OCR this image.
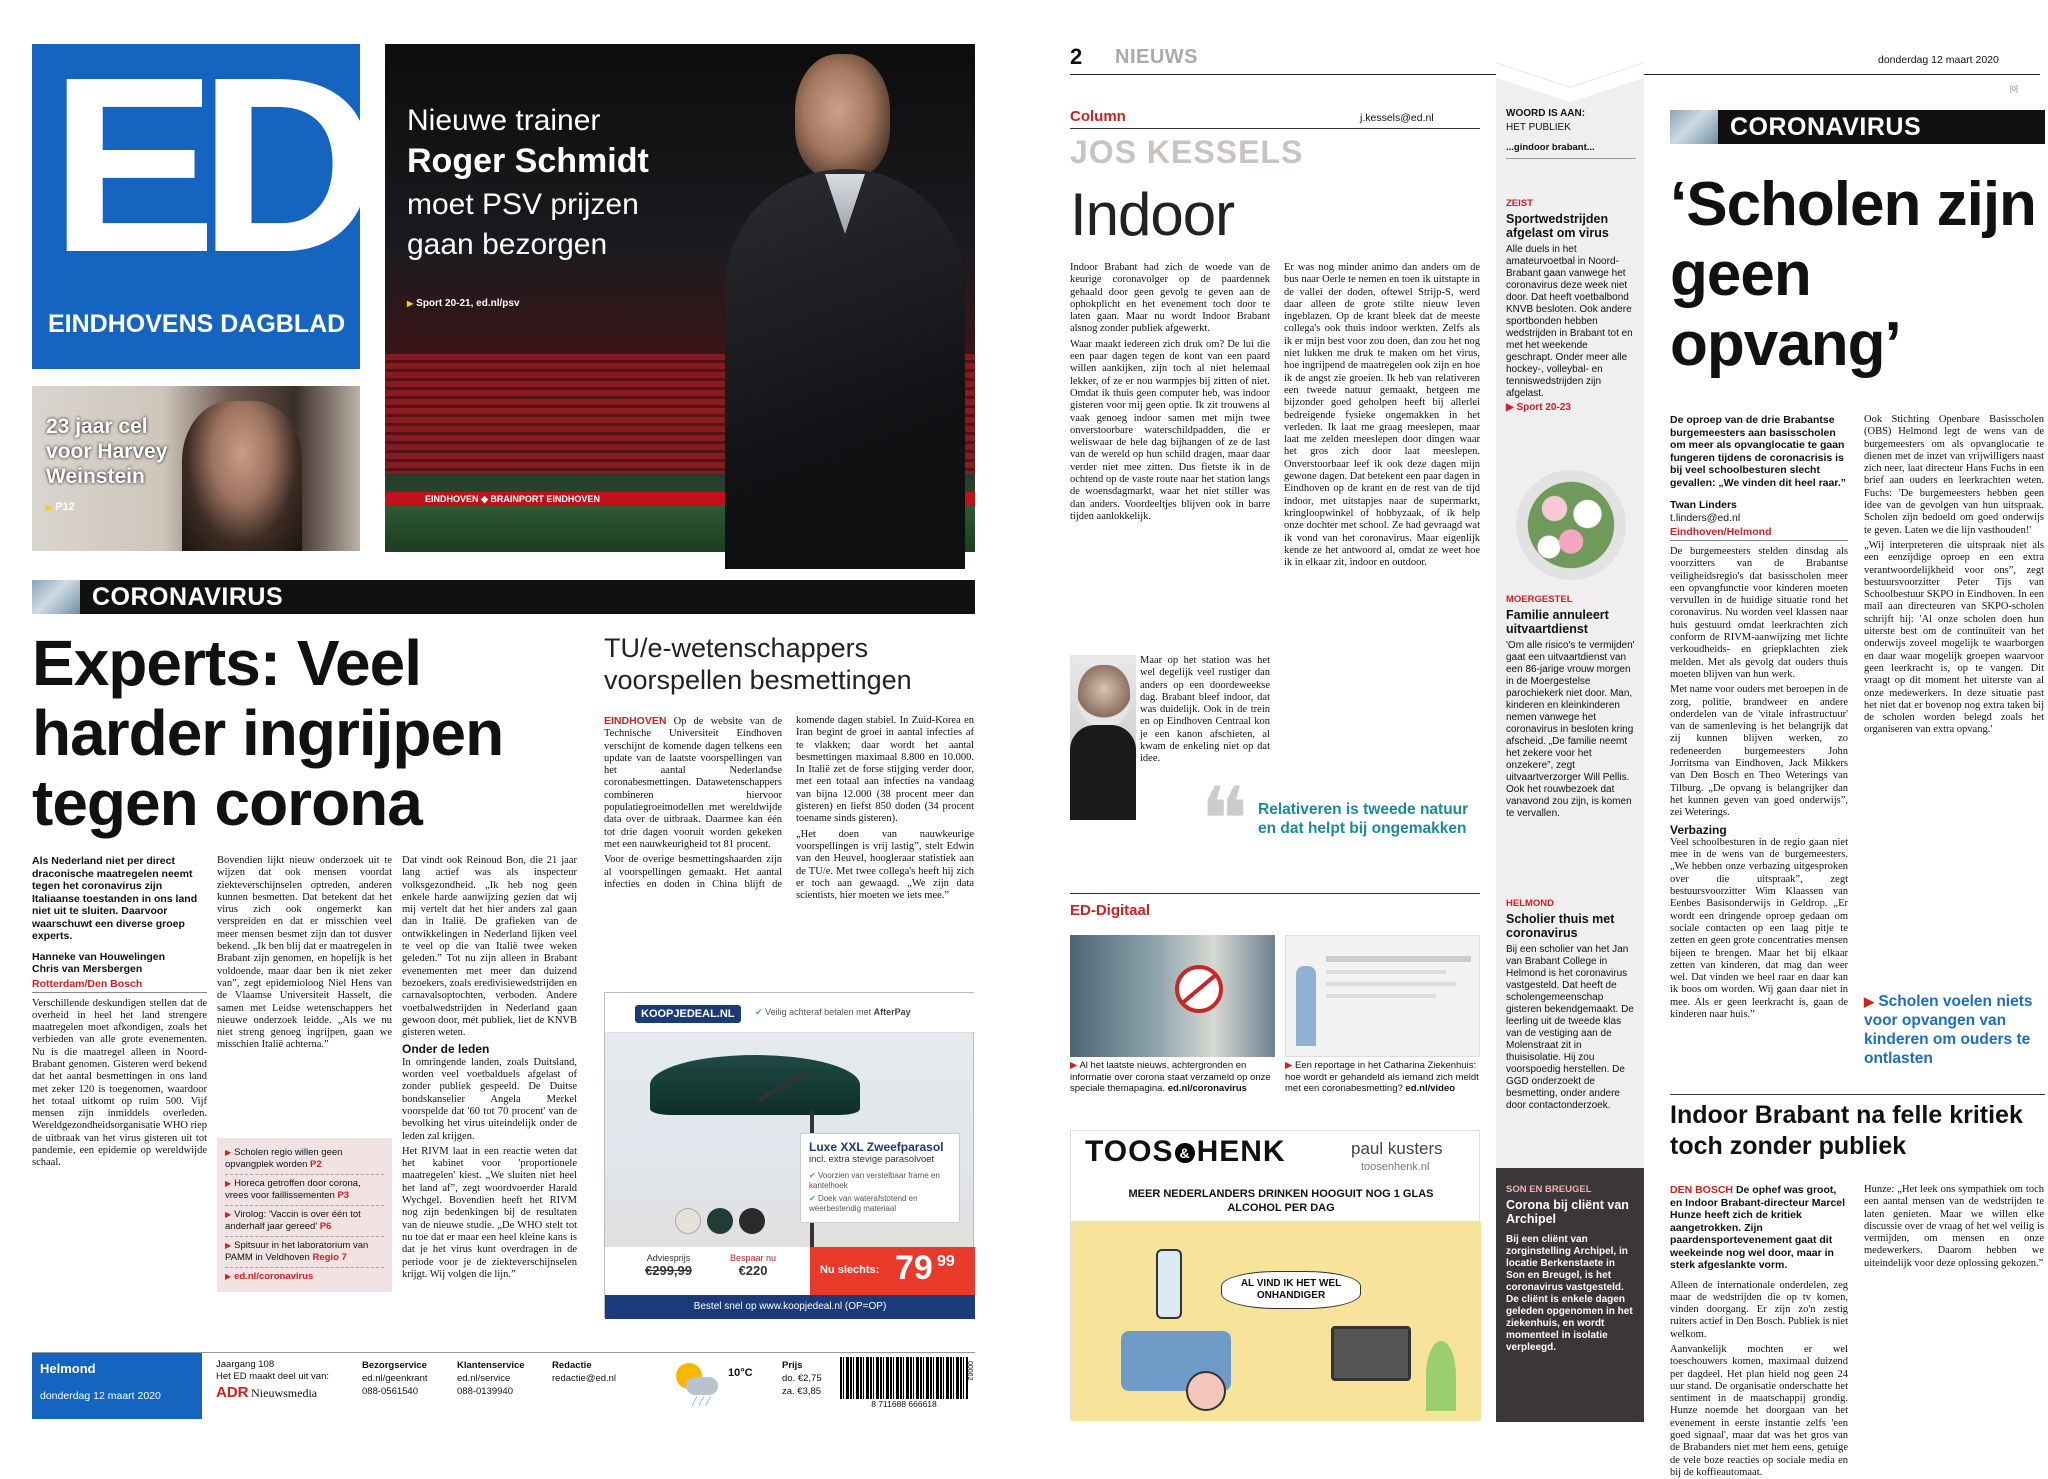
ED
EINDHOVENS DAGBLAD
23 jaar cel voor Harvey Weinstein
▶ P12
EINDHOVEN ◆ BRAINPORT EINDHOVEN
Nieuwe trainer
Roger Schmidt
moet PSV prijzen
gaan bezorgen
▶ Sport 20-21, ed.nl/psv
CORONAVIRUS
Experts: Veel harder ingrijpen tegen corona
Als Nederland niet per direct draconische maatregelen neemt tegen het coronavirus zijn Italiaanse toestanden in ons land niet uit te sluiten. Daarvoor waarschuwt een diverse groep experts.
Hanneke van Houwelingen
Chris van Mersbergen
Rotterdam/Den Bosch
Verschillende deskundigen stellen dat de overheid in heel het land strengere maatregelen moet afkondigen, zoals het verbieden van alle grote evenementen. Nu is die maatregel alleen in Noord-Brabant genomen. Gisteren werd bekend dat het aantal besmettingen in ons land met zeker 120 is toegenomen, waardoor het totaal uitkomt op ruim 500. Vijf mensen zijn inmiddels overleden. Wereldgezondheidsorganisatie WHO riep de uitbraak van het virus gisteren uit tot pandemie, een epidemie op wereldwijde schaal.

Bovendien lijkt nieuw onderzoek uit te wijzen dat ook mensen voordat ziekteverschijnselen optreden, anderen kunnen besmetten. Dat betekent dat het virus zich ook ongemerkt kan verspreiden en dat er misschien veel meer mensen besmet zijn dan tot dusver bekend. „Ik ben blij dat er maatregelen in Brabant zijn genomen, en hopelijk is het voldoende, maar daar ben ik niet zeker van”, zegt epidemioloog Niel Hens van de Vlaamse Universiteit Hasselt, die samen met Leidse wetenschappers het nieuwe onderzoek leidde. „Als we nu niet streng genoeg ingrijpen, gaan we misschien Italië achterna.”

▶ Scholen regio willen geen opvangplek worden P2
▶ Horeca getroffen door corona, vrees voor faillissementen P3
▶ Virolog: 'Vaccin is over één tot anderhalf jaar gereed' P6
▶ Spitsuur in het laboratorium van PAMM in Veldhoven Regio 7
▶ ed.nl/coronavirus

Dat vindt ook Reinoud Bon, die 21 jaar lang actief was als inspecteur volksgezondheid. „Ik heb nog geen enkele harde aanwijzing gezien dat wij mij vertelt dat het hier anders zal gaan dan in Italië. De grafieken van de ontwikkelingen in Nederland lijken veel te veel op die van Italië twee weken geleden.” Tot nu zijn alleen in Brabant evenementen met meer dan duizend bezoekers, zoals eredivisiewedstrijden en carnavalsoptochten, verboden. Andere voetbalwedstrijden in Nederland gaan gewoon door, mét publiek, liet de KNVB gisteren weten.

Onder de leden

In omringende landen, zoals Duitsland, worden veel voetbalduels afgelast of zonder publiek gespeeld. De Duitse bondskanselier Angela Merkel voorspelde dat '60 tot 70 procent' van de bevolking het virus uiteindelijk onder de leden zal krijgen.

Het RIVM laat in een reactie weten dat het kabinet voor 'proportionele maatregelen' kiest. „We sluiten niet heel het land af”, zegt woordvoerder Harald Wychgel. Bovendien heeft het RIVM nog zijn bedenkingen bij de resultaten van de nieuwe studie. „De WHO stelt tot nu toe dat er maar een heel kleine kans is dat je het virus kunt overdragen in de periode voor je de ziekteverschijnselen krijgt. Wij volgen die lijn.”

TU/e-wetenschappers voorspellen besmettingen

EINDHOVEN Op de website van de Technische Universiteit Eindhoven verschijnt de komende dagen telkens een update van de laatste voorspellingen van het aantal Nederlandse coronabesmettingen. Datawetenschappers combineren hiervoor populatiegroeimodellen met wereldwijde data over de uitbraak. Daarmee kan één tot drie dagen vooruit worden gekeken met een nauwkeurigheid tot 81 procent.

Voor de overige besmettingshaarden zijn al voorspellingen gemaakt. Het aantal infecties en doden in China blijft de komende dagen stabiel. In Zuid-Korea en Iran begint de groei in aantal infecties af te vlakken; daar wordt het aantal besmettingen maximaal 8.800 en 10.000. In Italië zet de forse stijging verder door, met een totaal aan infecties na vandaag van bijna 12.000 (38 procent meer dan gisteren) en liefst 850 doden (34 procent toename sinds gisteren).

„Het doen van nauwkeurige voorspellingen is vrij lastig”, stelt Edwin van den Heuvel, hoogleraar statistiek aan de TU/e. Met twee collega's heeft hij zich er toch aan gewaagd. „We zijn data scientists, hier moeten we iets mee.”

KOOPJEDEAL.NL	✔ Veilig achteraf betalen met AfterPay
Luxe XXL Zweefparasol
incl. extra stevige parasolvoet
✔ Voorzien van verstelbaar frame en kantelhoek
✔ Doek van waterafstotend en weerbestendig materiaal
Adviesprijs
€299,99
Bespaar nu
€220	Nu slechts: 79 99
Bestel snel op www.koopjedeal.nl (OP=OP)
Helmond
donderdag 12 maart 2020
Jaargang 108
Het ED maakt deel uit van:
ADR Nieuwsmedia
Bezorgservice
ed.nl/geenkrant
088-0561540
Klantenservice
ed.nl/service
088-0139940
Redactie
redactie@ed.nl
╱ ╱ ╱
10°C
Prijs
do. €2,75
za. €3,85
8 711688 666618
00062
2 NIEUWS	donderdag 12 maart 2020
[0]
Column	j.kessels@ed.nl
JOS KESSELS
Indoor

Indoor Brabant had zich de woede van de keurige coronavolger op de paardennek gehaald door geen gevolg te geven aan de ophokplicht en het evenement toch door te laten gaan. Maar nu wordt Indoor Brabant alsnog zonder publiek afgewerkt.

Waar maakt iedereen zich druk om? De lui die een paar dagen tegen de kont van een paard willen aankijken, zijn toch al niet helemaal lekker, of ze er nou warmpjes bij zitten of niet. Omdat ik thuis geen computer heb, was indoor gisteren voor mij geen optie. Ik zit trouwens al vaak genoeg indoor samen met mijn twee onverstoorbare waterschildpadden, die er weliswaar de hele dag bijhangen of ze de last van de wereld op hun schild dragen, maar daar verder niet mee zitten. Dus fietste ik in de ochtend op de vaste route naar het station langs de woensdagmarkt, waar het niet stiller was dan anders. Voordeeltjes blijven ook in barre tijden aanlokkelijk.

Maar op het station was het wel degelijk veel rustiger dan anders op een doordeweekse dag. Brabant bleef indoor, dat was duidelijk. Ook in de trein en op Eindhoven Centraal kon je een kanon afschieten, al kwam de enkeling niet op dat idee.

Er was nog minder animo dan anders om de bus naar Oerle te nemen en toen ik uitstapte in de vallei der doden, oftewel Strijp-S, werd daar alleen de grote stilte nieuw leven ingeblazen. Op de krant bleek dat de meeste collega's ook thuis indoor werkten. Zelfs als ik er mijn best voor zou doen, dan zou het nog niet lukken me druk te maken om het virus, hoe ingrijpend de maatregelen ook zijn en hoe ik de angst zie groeien. Ik heb van relativeren een tweede natuur gemaakt, hetgeen me bijzonder goed geholpen heeft bij allerlei bedreigende fysieke ongemakken in het verleden. Ik laat me graag meeslepen, maar laat me zelden meeslepen door dingen waar het gros zich door laat meeslepen. Onverstoorbaar leef ik ook deze dagen mijn gewone dagen. Dat betekent een paar dagen in Eindhoven op de krant en de rest van de tijd indoor, met uitstapjes naar de supermarkt, kringloopwinkel of hobbyzaak, of ik help onze dochter met school. Ze had gevraagd wat ik vond van het coronavirus. Maar eigenlijk kende ze het antwoord al, omdat ze weet hoe ik in elkaar zit, indoor en outdoor.

❝ Relativeren is tweede natuur en dat helpt bij ongemakken
ED-Digitaal
▶ Al het laatste nieuws, achtergronden en informatie over corona staat verzameld op onze speciale themapagina. ed.nl/coronavirus
▶ Een reportage in het Catharina Ziekenhuis: hoe wordt er gehandeld als iemand zich meldt met een coronabesmetting? ed.nl/video
TOOS & HENK	paul kusters
toosenhenk.nl
MEER NEDERLANDERS DRINKEN HOOGUIT NOG 1 GLAS ALCOHOL PER DAG
AL VIND IK HET WEL ONHANDIGER
WOORD IS AAN:
HET PUBLIEK
...gindoor brabant...
ZEIST
Sportwedstrijden afgelast om virus
Alle duels in het amateurvoetbal in Noord-Brabant gaan vanwege het coronavirus deze week niet door. Dat heeft voetbalbond KNVB besloten. Ook andere sportbonden hebben wedstrijden in Brabant tot en met het weekende geschrapt. Onder meer alle hockey-, volleybal- en tenniswedstrijden zijn afgelast.
▶ Sport 20-23
MOERGESTEL
Familie annuleert uitvaartdienst
'Om alle risico's te vermijden' gaat een uitvaartdienst van een 86-jarige vrouw morgen in de Moergestelse parochiekerk niet door. Man, kinderen en kleinkinderen nemen vanwege het coronavirus in besloten kring afscheid. „De familie neemt het zekere voor het onzekere”, zegt uitvaartverzorger Will Pellis. Ook het rouwbezoek dat vanavond zou zijn, is komen te vervallen.
HELMOND
Scholier thuis met coronavirus
Bij een scholier van het Jan van Brabant College in Helmond is het coronavirus vastgesteld. Dat heeft de scholengemeenschap gisteren bekendgemaakt. De leerling uit de tweede klas van de vestiging aan de Molenstraat zit in thuisisolatie. Hij zou voorspoedig herstellen. De GGD onderzoekt de besmetting, onder andere door contactonderzoek.
SON EN BREUGEL
Corona bij cliënt van Archipel
Bij een cliënt van zorginstelling Archipel, in locatie Berkenstaete in Son en Breugel, is het coronavirus vastgesteld. De cliënt is enkele dagen geleden opgenomen in het ziekenhuis, en wordt momenteel in isolatie verpleegd.
CORONAVIRUS
‘Scholen zijn geen opvang’
De oproep van de drie Brabantse burgemeesters aan basisscholen om meer als opvanglocatie te gaan fungeren tijdens de coronacrisis is bij veel schoolbesturen slecht gevallen: „We vinden dit heel raar.”
Twan Linders
t.linders@ed.nl
Eindhoven/Helmond

De burgemeesters stelden dinsdag als voorzitters van de Brabantse veiligheidsregio's dat basisscholen meer een opvangfunctie voor kinderen moeten vervullen in de huidige situatie rond het coronavirus. Nu worden veel klassen naar huis gestuurd omdat leerkrachten zich conform de RIVM-aanwijzing met lichte verkoudheids- en griepklachten ziek melden. Met als gevolg dat ouders thuis moeten blijven van hun werk.

Met name voor ouders met beroepen in de zorg, politie, brandweer en andere onderdelen van de 'vitale infrastructuur' van de samenleving is het belangrijk dat zij kunnen blijven werken, zo redeneerden burgemeesters John Jorritsma van Eindhoven, Jack Mikkers van Den Bosch en Theo Weterings van Tilburg. „De opvang is belangrijker dan het kunnen geven van goed onderwijs”, zei Weterings.

Verbazing

Veel schoolbesturen in de regio gaan niet mee in de wens van de burgemeesters. „We hebben onze verbazing uitgesproken over die uitspraak”, zegt bestuursvoorzitter Wim Klaassen van Eenbes Basisonderwijs in Geldrop. „Er wordt een dringende oproep gedaan om sociale contacten op een laag pitje te zetten en geen grote concentraties mensen bijeen te brengen. Maar het bij elkaar zetten van kinderen, dat mag dan weer wel. Dat vinden we heel raar en daar kan ik boos om worden. Wij gaan daar niet in mee. Als er geen leerkracht is, gaan de kinderen naar huis.”

Ook Stichting Openbare Basisscholen (OBS) Helmond legt de wens van de burgemeesters om als opvanglocatie te dienen met de inzet van vrijwilligers naast zich neer, laat directeur Hans Fuchs in een brief aan ouders en leerkrachten weten. Fuchs: 'De burgemeesters hebben geen idee van de gevolgen van hun uitspraak. Scholen zijn bedoeld om goed onderwijs te geven. Laten we die lijn vasthouden!'

„Wij interpreteren die uitspraak niet als een eenzijdige oproep en een extra verantwoordelijkheid voor ons”, zegt bestuursvoorzitter Peter Tijs van Schoolbestuur SKPO in Eindhoven. In een mail aan directeuren van SKPO-scholen schrijft hij: 'Al onze scholen doen hun uiterste best om de continuïteit van het onderwijs zoveel mogelijk te waarborgen en daar waar mogelijk groepen waarvoor geen leerkracht is, op te vangen. Dit vraagt op dit moment het uiterste van al onze medewerkers. In deze situatie past het niet dat er bovenop nog extra taken bij de scholen worden belegd zoals het organiseren van extra opvang.'

▶ Scholen voelen niets voor opvangen van kinderen om ouders te ontlasten
Indoor Brabant na felle kritiek toch zonder publiek
DEN BOSCH De ophef was groot, en Indoor Brabant-directeur Marcel Hunze heeft zich de kritiek aangetrokken. Zijn paardensportevenement gaat dit weekeinde nog wel door, maar in sterk afgeslankte vorm.

Alleen de internationale onderdelen, zeg maar de wedstrijden die op tv komen, vinden doorgang. Er zijn zo'n zestig ruiters actief in Den Bosch. Publiek is niet welkom.

Aanvankelijk mochten er wel toeschouwers komen, maximaal duizend per dagdeel. Het plan hield nog geen 24 uur stand. De organisatie onderschatte het sentiment in de maatschappij grondig. Hunze noemde het doorgaan van het evenement in eerste instantie zelfs 'een goed signaal', maar dat was het gros van de Brabanders niet met hem eens, getuige de vele boze reacties op sociale media en bij de koffieautomaat.

Hunze: „Het leek ons sympathiek om toch een aantal mensen van de wedstrijden te laten genieten. Maar we willen elke discussie over de vraag of het wel veilig is vermijden, om mensen en onze medewerkers. Daarom hebben we uiteindelijk voor deze oplossing gekozen.”
